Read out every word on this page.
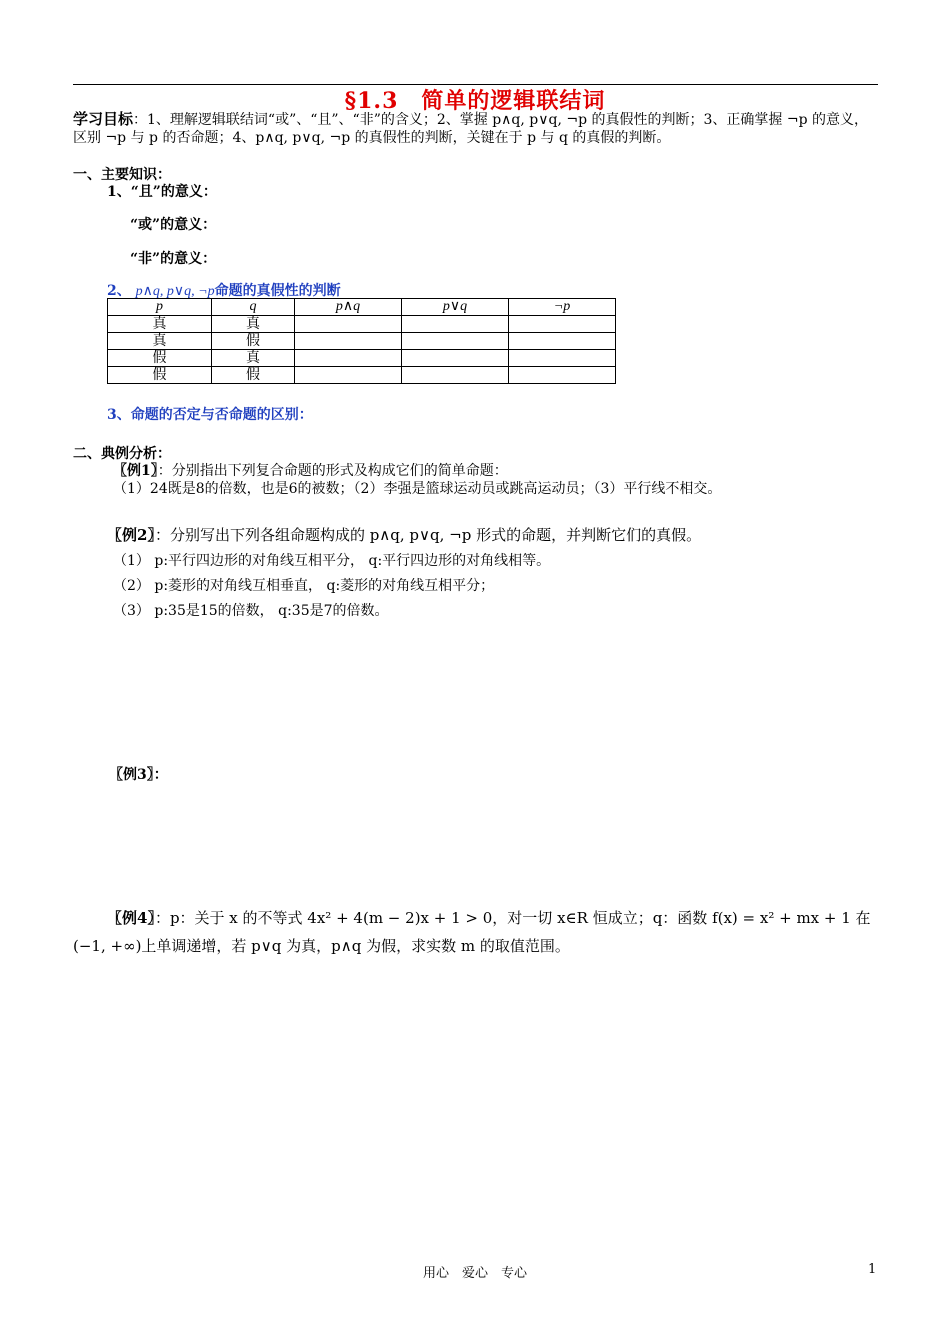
§1.3　简单的逻辑联结词
学习目标：1、理解逻辑联结词“或”、“且”、“非”的含义；2、掌握 p∧q, p∨q, ¬p 的真假性的判断；3、正确掌握 ¬p 的意义，区别 ¬p 与 p 的否命题；4、p∧q, p∨q, ¬p 的真假性的判断，关键在于 p 与 q 的真假的判断。
一、主要知识：
1、“且”的意义：
“或”的意义：
“非”的意义：
2、 p∧q, p∨q, ¬p命题的真假性的判断
p	q	p∧q	p∨q	¬p
真	真			
真	假			
假	真			
假	假			
3、命题的否定与否命题的区别：
二、典例分析：
〖例1〗：分别指出下列复合命题的形式及构成它们的简单命题：
（1）24既是8的倍数，也是6的被数；（2）李强是篮球运动员或跳高运动员；（3）平行线不相交。
〖例2〗：分别写出下列各组命题构成的 p∧q, p∨q, ¬p 形式的命题，并判断它们的真假。
（1） p:平行四边形的对角线互相平分， q:平行四边形的对角线相等。
（2） p:菱形的对角线互相垂直， q:菱形的对角线互相平分；
（3） p:35是15的倍数， q:35是7的倍数。
〖例3〗：
〖例4〗：p：关于 x 的不等式 4x² + 4(m − 2)x + 1 > 0，对一切 x∈R 恒成立；q：函数 f(x) = x² + mx + 1 在
(−1, +∞)上单调递增，若 p∨q 为真，p∧q 为假，求实数 m 的取值范围。
用心　爱心　专心	1
